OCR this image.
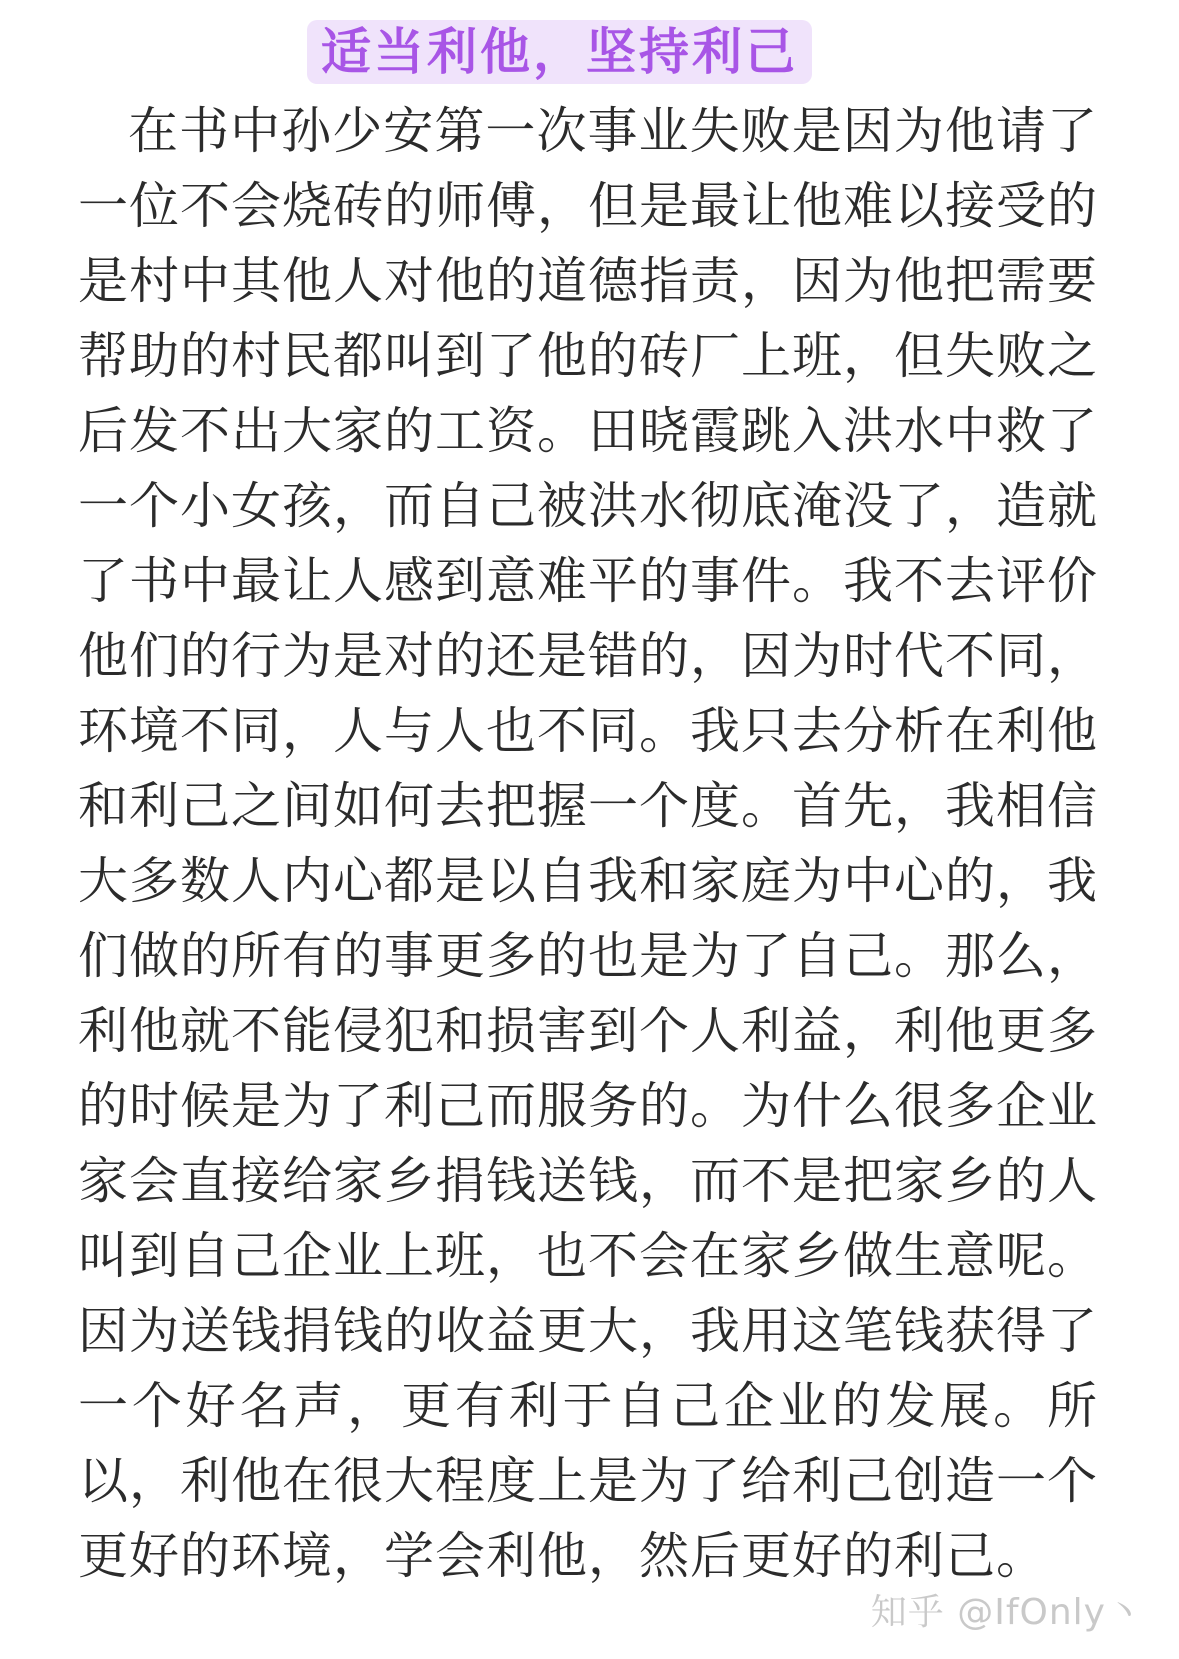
适当利他，坚持利己

在书中孙少安第一次事业失败是因为他请了一位不会烧砖的师傅，但是最让他难以接受的是村中其他人对他的道德指责，因为他把需要帮助的村民都叫到了他的砖厂上班，但失败之后发不出大家的工资。田晓霞跳入洪水中救了一个小女孩，而自己被洪水彻底淹没了，造就了书中最让人感到意难平的事件。我不去评价他们的行为是对的还是错的，因为时代不同，环境不同，人与人也不同。我只去分析在利他和利己之间如何去把握一个度。首先，我相信大多数人内心都是以自我和家庭为中心的，我们做的所有的事更多的也是为了自己。那么，利他就不能侵犯和损害到个人利益，利他更多的时候是为了利己而服务的。为什么很多企业家会直接给家乡捐钱送钱，而不是把家乡的人叫到自己企业上班，也不会在家乡做生意呢。因为送钱捐钱的收益更大，我用这笔钱获得了一个好名声，更有利于自己企业的发展。所以，利他在很大程度上是为了给利己创造一个更好的环境，学会利他，然后更好的利己。

知乎 @IfOnly丶
